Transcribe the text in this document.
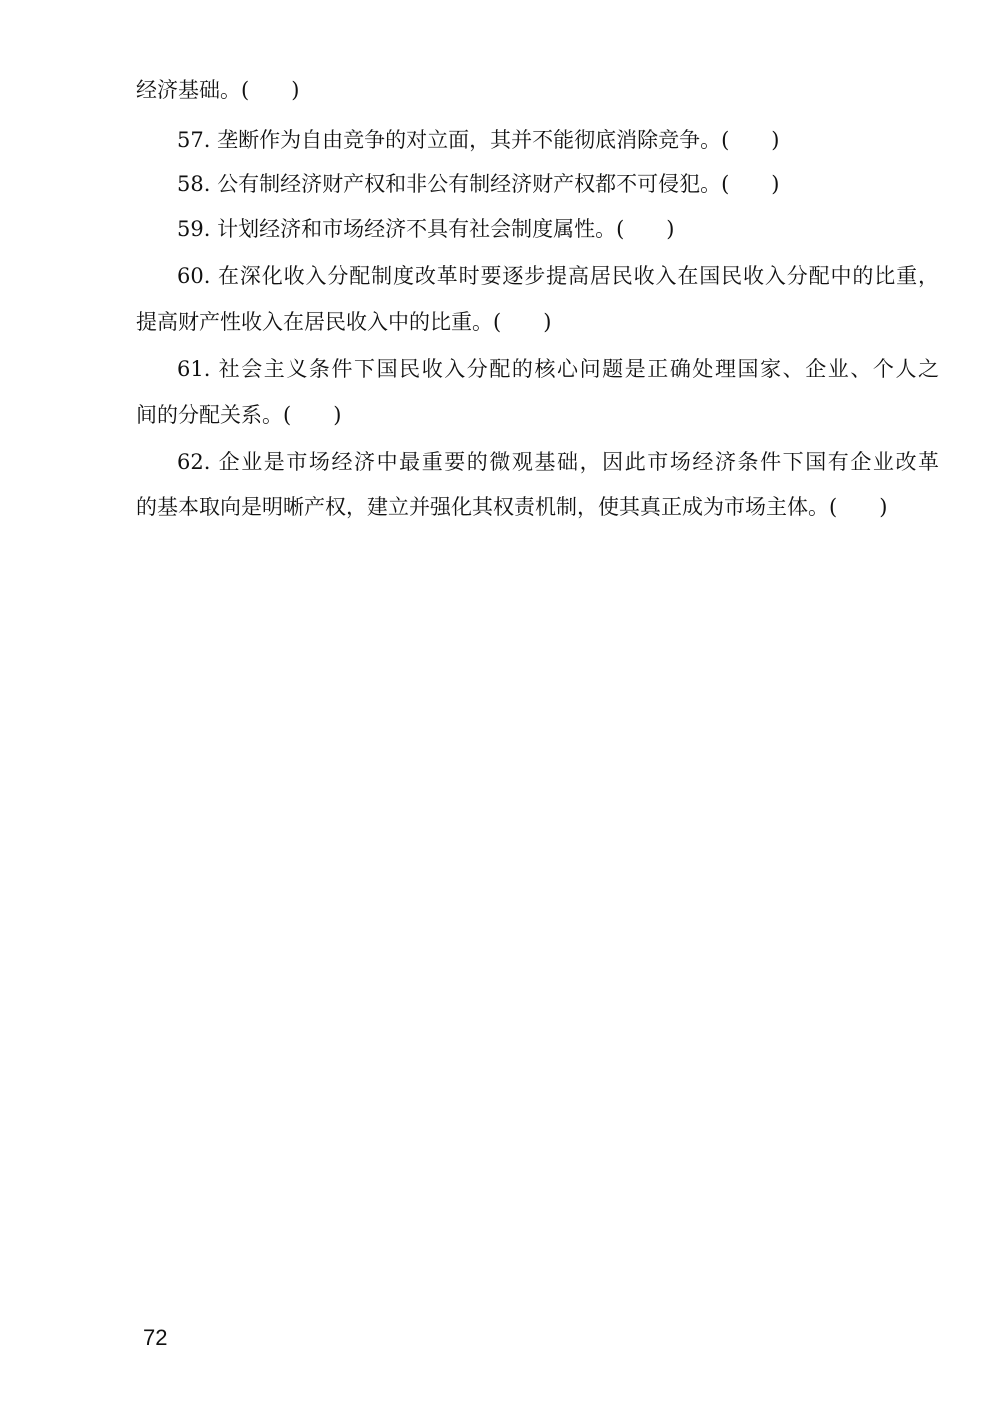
经济基础。(　　)
57. 垄断作为自由竞争的对立面，其并不能彻底消除竞争。(　　)
58. 公有制经济财产权和非公有制经济财产权都不可侵犯。(　　)
59. 计划经济和市场经济不具有社会制度属性。(　　)
60. 在深化收入分配制度改革时要逐步提高居民收入在国民收入分配中的比重，
提高财产性收入在居民收入中的比重。(　　)
61. 社会主义条件下国民收入分配的核心问题是正确处理国家、企业、个人之
间的分配关系。(　　)
62. 企业是市场经济中最重要的微观基础，因此市场经济条件下国有企业改革
的基本取向是明晰产权，建立并强化其权责机制，使其真正成为市场主体。(　　)
72
